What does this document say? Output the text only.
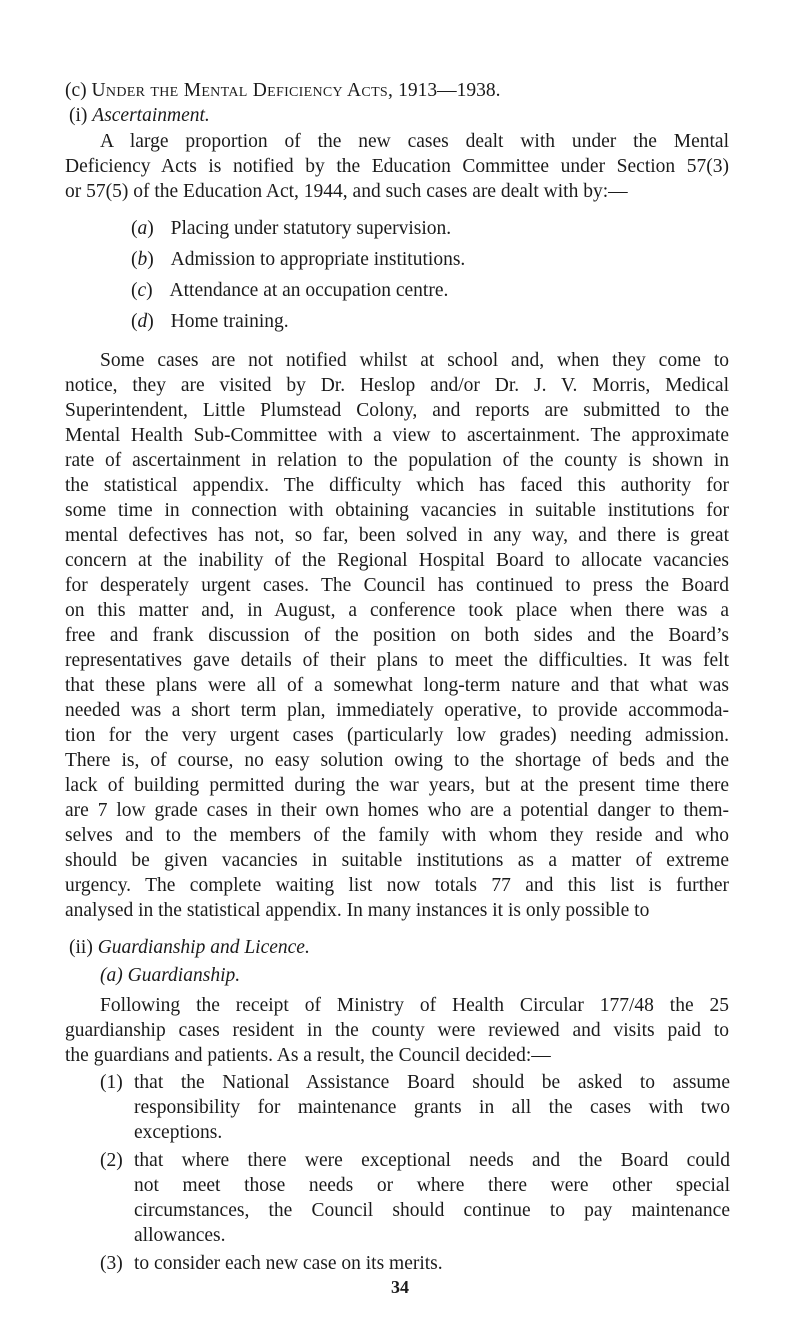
(c) Under the Mental Deficiency Acts, 1913—1938.
(i) Ascertainment.
A large proportion of the new cases dealt with under the Mental
Deficiency Acts is notified by the Education Committee under Section 57(3)
or 57(5) of the Education Act, 1944, and such cases are dealt with by:—
(a) Placing under statutory supervision.
(b) Admission to appropriate institutions.
(c) Attendance at an occupation centre.
(d) Home training.
Some cases are not notified whilst at school and, when they come to
notice, they are visited by Dr. Heslop and/or Dr. J. V. Morris, Medical
Superintendent, Little Plumstead Colony, and reports are submitted to the
Mental Health Sub-Committee with a view to ascertainment. The approximate
rate of ascertainment in relation to the population of the county is shown in
the statistical appendix. The difficulty which has faced this authority for
some time in connection with obtaining vacancies in suitable institutions for
mental defectives has not, so far, been solved in any way, and there is great
concern at the inability of the Regional Hospital Board to allocate vacancies
for desperately urgent cases. The Council has continued to press the Board
on this matter and, in August, a conference took place when there was a
free and frank discussion of the position on both sides and the Board’s
representatives gave details of their plans to meet the difficulties. It was felt
that these plans were all of a somewhat long-term nature and that what was
needed was a short term plan, immediately operative, to provide accommoda-
tion for the very urgent cases (particularly low grades) needing admission.
There is, of course, no easy solution owing to the shortage of beds and the
lack of building permitted during the war years, but at the present time there
are 7 low grade cases in their own homes who are a potential danger to them-
selves and to the members of the family with whom they reside and who
should be given vacancies in suitable institutions as a matter of extreme
urgency. The complete waiting list now totals 77 and this list is further
analysed in the statistical appendix. In many instances it is only possible to
(ii) Guardianship and Licence.
(a) Guardianship.
Following the receipt of Ministry of Health Circular 177/48 the 25
guardianship cases resident in the county were reviewed and visits paid to
the guardians and patients. As a result, the Council decided:—
(1) that the National Assistance Board should be asked to assume
responsibility for maintenance grants in all the cases with two
exceptions.
(2) that where there were exceptional needs and the Board could
not meet those needs or where there were other special
circumstances, the Council should continue to pay maintenance
allowances.
(3) to consider each new case on its merits.
34
